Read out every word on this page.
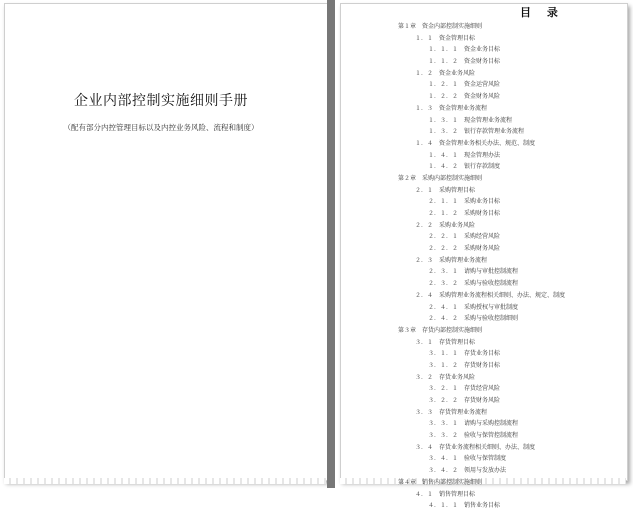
企业内部控制实施细则手册
（配有部分内控管理目标以及内控业务风险、流程和制度）
目 录
第１章 资金内部控制实施细则
１．１ 资金管理目标
１．１．１ 资金业务目标
１．１．２ 资金财务目标
１．２ 资金业务风险
１．２．１ 资金运营风险
１．２．２ 资金财务风险
１．３ 资金管理业务流程
１．３．１ 现金管理业务流程
１．３．２ 银行存款管理业务流程
１．４ 资金管理业务相关办法、规范、制度
１．４．１ 现金管理办法
１．４．２ 银行存款制度
第２章 采购内部控制实施细则
２．１ 采购管理目标
２．１．１ 采购业务目标
２．１．２ 采购财务目标
２．２ 采购业务风险
２．２．１ 采购经营风险
２．２．２ 采购财务风险
２．３ 采购管理业务流程
２．３．１ 请购与审批控制流程
２．３．２ 采购与验收控制流程
２．４ 采购管理业务流程相关细则、办法、规定、制度
２．４．１ 采购授权与审批制度
２．４．２ 采购与验收控制细则
第３章 存货内部控制实施细则
３．１ 存货管理目标
３．１．１ 存货业务目标
３．１．２ 存货财务目标
３．２ 存货业务风险
３．２．１ 存货经营风险
３．２．２ 存货财务风险
３．３ 存货管理业务流程
３．３．１ 请购与采购控制流程
３．３．２ 验收与保管控制流程
３．４ 存货业务流程相关细则、办法、制度
３．４．１ 验收与保管制度
３．４．２ 领用与发放办法
第４章 销售内部控制实施细则
４．１ 销售管理目标
４．１．１ 销售业务目标
